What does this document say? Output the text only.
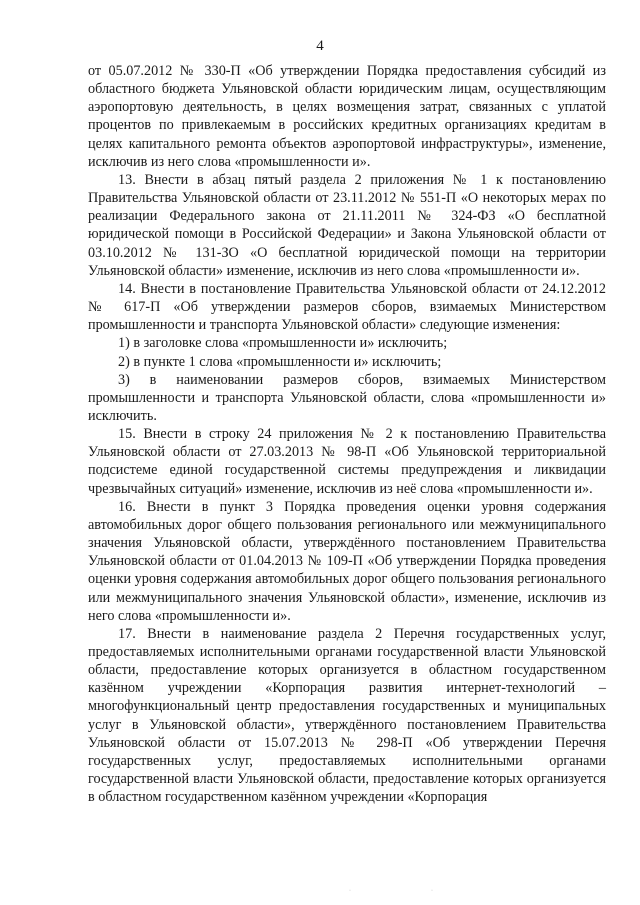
4

от 05.07.2012 № 330-П «Об утверждении Порядка предоставления субсидий из областного бюджета Ульяновской области юридическим лицам, осуществляющим аэропортовую деятельность, в целях возмещения затрат, связанных с уплатой процентов по привлекаемым в российских кредитных организациях кредитам в целях капитального ремонта объектов аэропортовой инфраструктуры», изменение, исключив из него слова «промышленности и».

13. Внести в абзац пятый раздела 2 приложения № 1 к постановлению Правительства Ульяновской области от 23.11.2012 № 551-П «О некоторых мерах по реализации Федерального закона от 21.11.2011 № 324-ФЗ «О бесплатной юридической помощи в Российской Федерации» и Закона Ульяновской области от 03.10.2012 № 131-ЗО «О бесплатной юридической помощи на территории Ульяновской области» изменение, исключив из него слова «промышленности и».

14. Внести в постановление Правительства Ульяновской области от 24.12.2012 № 617-П «Об утверждении размеров сборов, взимаемых Министерством промышленности и транспорта Ульяновской области» следующие изменения:

1) в заголовке слова «промышленности и» исключить;

2) в пункте 1 слова «промышленности и» исключить;

3) в наименовании размеров сборов, взимаемых Министерством промышленности и транспорта Ульяновской области, слова «промышленности и» исключить.

15. Внести в строку 24 приложения № 2 к постановлению Правительства Ульяновской области от 27.03.2013 № 98-П «Об Ульяновской территориальной подсистеме единой государственной системы предупреждения и ликвидации чрезвычайных ситуаций» изменение, исключив из неё слова «промышленности и».

16. Внести в пункт 3 Порядка проведения оценки уровня содержания автомобильных дорог общего пользования регионального или межмуниципального значения Ульяновской области, утверждённого постановлением Правительства Ульяновской области от 01.04.2013 № 109-П «Об утверждении Порядка проведения оценки уровня содержания автомобильных дорог общего пользования регионального или межмуниципального значения Ульяновской области», изменение, исключив из него слова «промышленности и».

17. Внести в наименование раздела 2 Перечня государственных услуг, предоставляемых исполнительными органами государственной власти Ульяновской области, предоставление которых организуется в областном государственном казённом учреждении «Корпорация развития интернет-технологий – многофункциональный центр предоставления государственных и муниципальных услуг в Ульяновской области», утверждённого постановлением Правительства Ульяновской области от 15.07.2013 № 298-П «Об утверждении Перечня государственных услуг, предоставляемых исполнительными органами государственной власти Ульяновской области, предоставление которых организуется в областном государственном казённом учреждении «Корпорация

·	·
